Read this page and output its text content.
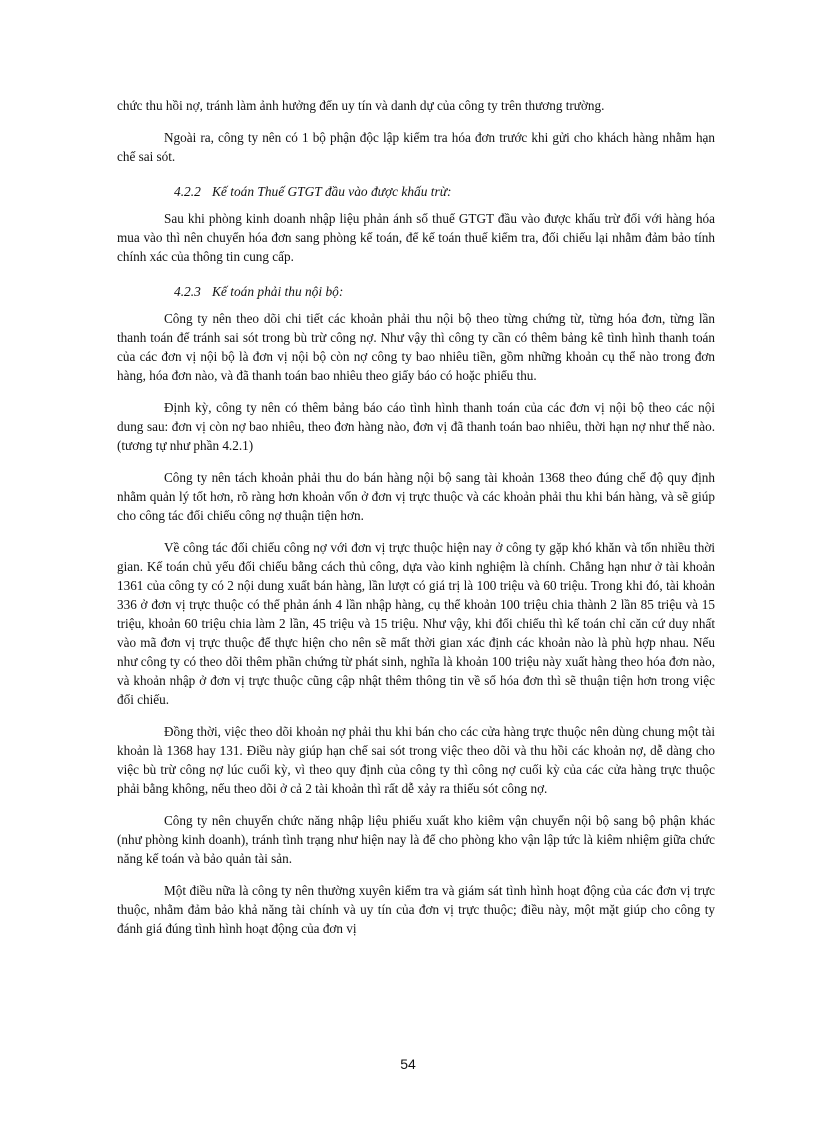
chức thu hồi nợ, tránh làm ảnh hưởng đến uy tín và danh dự của công ty trên thương trường.

Ngoài ra, công ty nên có 1 bộ phận độc lập kiểm tra hóa đơn trước khi gửi cho khách hàng nhằm hạn chế sai sót.

4.2.2 Kế toán Thuế GTGT đầu vào được khấu trừ:

Sau khi phòng kinh doanh nhập liệu phản ánh số thuế GTGT đầu vào được khấu trừ đối với hàng hóa mua vào thì nên chuyển hóa đơn sang phòng kế toán, để kế toán thuế kiểm tra, đối chiếu lại nhằm đảm bảo tính chính xác của thông tin cung cấp.

4.2.3 Kế toán phải thu nội bộ:

Công ty nên theo dõi chi tiết các khoản phải thu nội bộ theo từng chứng từ, từng hóa đơn, từng lần thanh toán để tránh sai sót trong bù trừ công nợ. Như vậy thì công ty cần có thêm bảng kê tình hình thanh toán của các đơn vị nội bộ là đơn vị nội bộ còn nợ công ty bao nhiêu tiền, gồm những khoản cụ thể nào trong đơn hàng, hóa đơn nào, và đã thanh toán bao nhiêu theo giấy báo có hoặc phiếu thu.

Định kỳ, công ty nên có thêm bảng báo cáo tình hình thanh toán của các đơn vị nội bộ theo các nội dung sau: đơn vị còn nợ bao nhiêu, theo đơn hàng nào, đơn vị đã thanh toán bao nhiêu, thời hạn nợ như thế nào. (tương tự như phần 4.2.1)

Công ty nên tách khoản phải thu do bán hàng nội bộ sang tài khoản 1368 theo đúng chế độ quy định nhằm quản lý tốt hơn, rõ ràng hơn khoản vốn ở đơn vị trực thuộc và các khoản phải thu khi bán hàng, và sẽ giúp cho công tác đối chiếu công nợ thuận tiện hơn.

Về công tác đối chiếu công nợ với đơn vị trực thuộc hiện nay ở công ty gặp khó khăn và tốn nhiều thời gian. Kế toán chủ yếu đối chiếu bằng cách thủ công, dựa vào kinh nghiệm là chính. Chẳng hạn như ở tài khoản 1361 của công ty có 2 nội dung xuất bán hàng, lần lượt có giá trị là 100 triệu và 60 triệu. Trong khi đó, tài khoản 336 ở đơn vị trực thuộc có thể phản ánh 4 lần nhập hàng, cụ thể khoản 100 triệu chia thành 2 lần 85 triệu và 15 triệu, khoản 60 triệu chia làm 2 lần, 45 triệu và 15 triệu. Như vậy, khi đối chiếu thì kế toán chỉ căn cứ duy nhất vào mã đơn vị trực thuộc để thực hiện cho nên sẽ mất thời gian xác định các khoản nào là phù hợp nhau. Nếu như công ty có theo dõi thêm phần chứng từ phát sinh, nghĩa là khoản 100 triệu này xuất hàng theo hóa đơn nào, và khoản nhập ở đơn vị trực thuộc cũng cập nhật thêm thông tin về số hóa đơn thì sẽ thuận tiện hơn trong việc đối chiếu.

Đồng thời, việc theo dõi khoản nợ phải thu khi bán cho các cửa hàng trực thuộc nên dùng chung một tài khoản là 1368 hay 131. Điều này giúp hạn chế sai sót trong việc theo dõi và thu hồi các khoản nợ, dễ dàng cho việc bù trừ công nợ lúc cuối kỳ, vì theo quy định của công ty thì công nợ cuối kỳ của các cửa hàng trực thuộc phải bằng không, nếu theo dõi ở cả 2 tài khoản thì rất dễ xảy ra thiếu sót công nợ.

Công ty nên chuyển chức năng nhập liệu phiếu xuất kho kiêm vận chuyển nội bộ sang bộ phận khác (như phòng kinh doanh), tránh tình trạng như hiện nay là để cho phòng kho vận lập tức là kiêm nhiệm giữa chức năng kế toán và bảo quản tài sản.

Một điều nữa là công ty nên thường xuyên kiểm tra và giám sát tình hình hoạt động của các đơn vị trực thuộc, nhằm đảm bảo khả năng tài chính và uy tín của đơn vị trực thuộc; điều này, một mặt giúp cho công ty đánh giá đúng tình hình hoạt động của đơn vị

54
